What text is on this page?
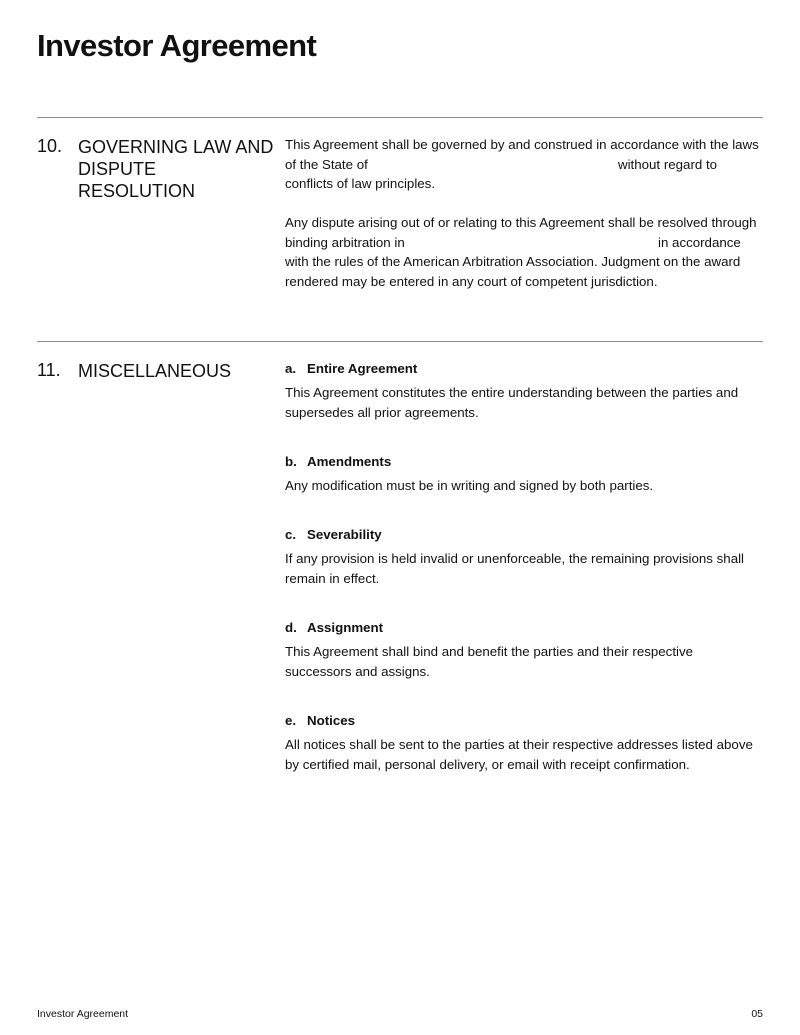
Investor Agreement
10. GOVERNING LAW AND DISPUTE RESOLUTION
This Agreement shall be governed by and construed in accordance with the laws
of the State of	without regard to
conflicts of law principles.
Any dispute arising out of or relating to this Agreement shall be resolved through
binding arbitration in	in accordance
with the rules of the American Arbitration Association. Judgment on the award
rendered may be entered in any court of competent jurisdiction.
11. MISCELLANEOUS	a. Entire Agreement
This Agreement constitutes the entire understanding between the parties and supersedes all prior agreements.
b. Amendments
Any modification must be in writing and signed by both parties.
c. Severability
If any provision is held invalid or unenforceable, the remaining provisions shall remain in effect.
d. Assignment
This Agreement shall bind and benefit the parties and their respective successors and assigns.
e. Notices
All notices shall be sent to the parties at their respective addresses listed above by certified mail, personal delivery, or email with receipt confirmation.
Investor Agreement	05
